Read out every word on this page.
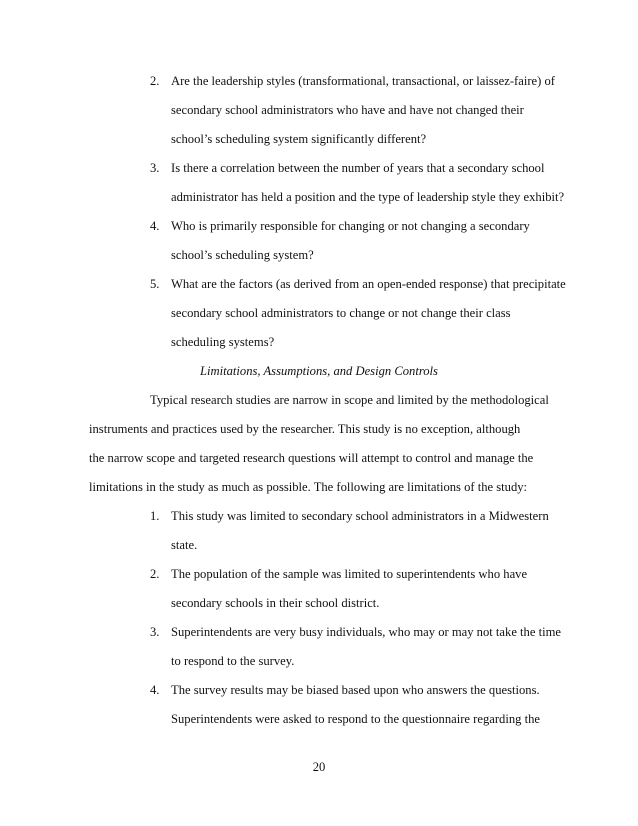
2. Are the leadership styles (transformational, transactional, or laissez-faire) of
secondary school administrators who have and have not changed their
school’s scheduling system significantly different?
3. Is there a correlation between the number of years that a secondary school
administrator has held a position and the type of leadership style they exhibit?
4. Who is primarily responsible for changing or not changing a secondary
school’s scheduling system?
5. What are the factors (as derived from an open-ended response) that precipitate
secondary school administrators to change or not change their class
scheduling systems?
Limitations, Assumptions, and Design Controls
Typical research studies are narrow in scope and limited by the methodological
instruments and practices used by the researcher. This study is no exception, although
the narrow scope and targeted research questions will attempt to control and manage the
limitations in the study as much as possible. The following are limitations of the study:
1. This study was limited to secondary school administrators in a Midwestern
state.
2. The population of the sample was limited to superintendents who have
secondary schools in their school district.
3. Superintendents are very busy individuals, who may or may not take the time
to respond to the survey.
4. The survey results may be biased based upon who answers the questions.
Superintendents were asked to respond to the questionnaire regarding the
20
